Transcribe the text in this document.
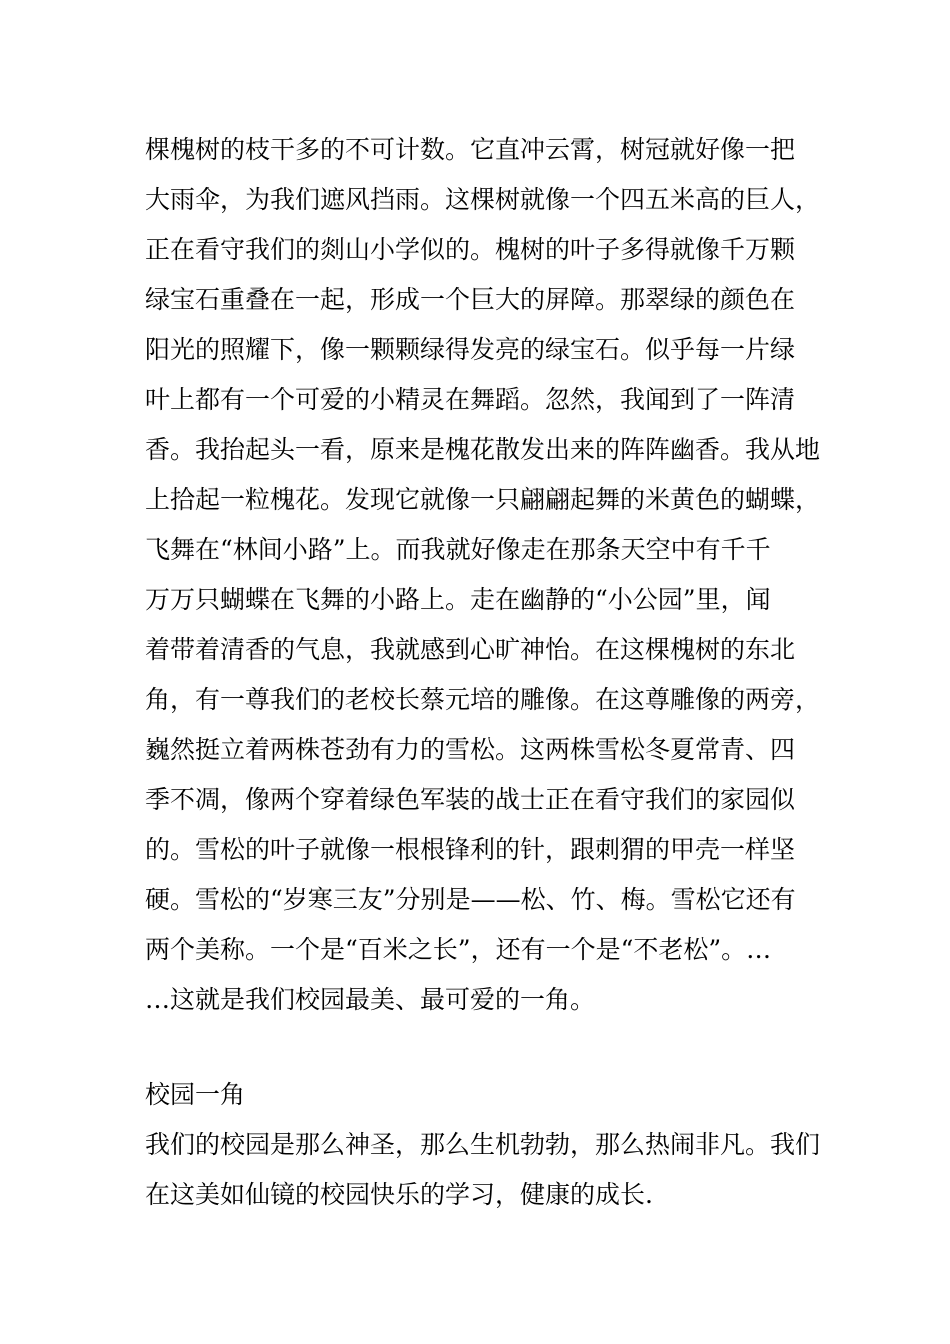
棵槐树的枝干多的不可计数。它直冲云霄，树冠就好像一把
大雨伞，为我们遮风挡雨。这棵树就像一个四五米高的巨人，
正在看守我们的剡山小学似的。槐树的叶子多得就像千万颗
绿宝石重叠在一起，形成一个巨大的屏障。那翠绿的颜色在
阳光的照耀下，像一颗颗绿得发亮的绿宝石。似乎每一片绿
叶上都有一个可爱的小精灵在舞蹈。忽然，我闻到了一阵清
香。我抬起头一看，原来是槐花散发出来的阵阵幽香。我从地
上拾起一粒槐花。发现它就像一只翩翩起舞的米黄色的蝴蝶，
飞舞在“林间小路”上。而我就好像走在那条天空中有千千
万万只蝴蝶在飞舞的小路上。走在幽静的“小公园”里，闻
着带着清香的气息，我就感到心旷神怡。在这棵槐树的东北
角，有一尊我们的老校长蔡元培的雕像。在这尊雕像的两旁，
巍然挺立着两株苍劲有力的雪松。这两株雪松冬夏常青、四
季不凋，像两个穿着绿色军装的战士正在看守我们的家园似
的。雪松的叶子就像一根根锋利的针，跟刺猬的甲壳一样坚
硬。雪松的“岁寒三友”分别是——松、竹、梅。雪松它还有
两个美称。一个是“百米之长”，还有一个是“不老松”。…
…这就是我们校园最美、最可爱的一角。
校园一角
我们的校园是那么神圣，那么生机勃勃，那么热闹非凡。我们
在这美如仙镜的校园快乐的学习，健康的成长.
